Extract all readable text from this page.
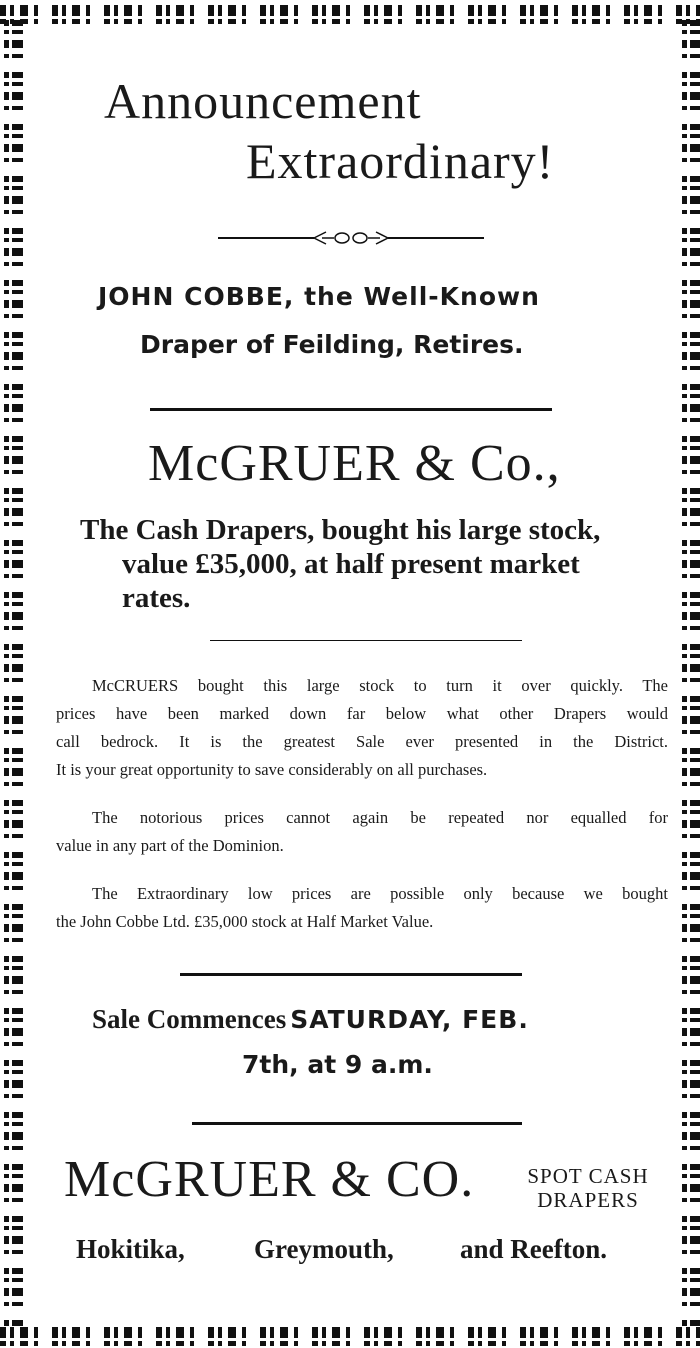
Announcement
Extraordinary!
JOHN COBBE, the Well-Known
Draper of Feilding, Retires.
McGRUER & Co.,
The Cash Drapers, bought his large stock,
value £35,000, at half present market
rates.
McCRUERS bought this large stock to turn it over quickly. The
prices have been marked down far below what other Drapers would
call bedrock. It is the greatest Sale ever presented in the District.
It is your great opportunity to save considerably on all purchases.
The notorious prices cannot again be repeated nor equalled for
value in any part of the Dominion.
The Extraordinary low prices are possible only because we bought
the John Cobbe Ltd. £35,000 stock at Half Market Value.
Sale Commences SATURDAY, FEB.
7th, at 9 a.m.
McGRUER & CO.	SPOT CASH
DRAPERS
Hokitika,	Greymouth, and Reefton.
